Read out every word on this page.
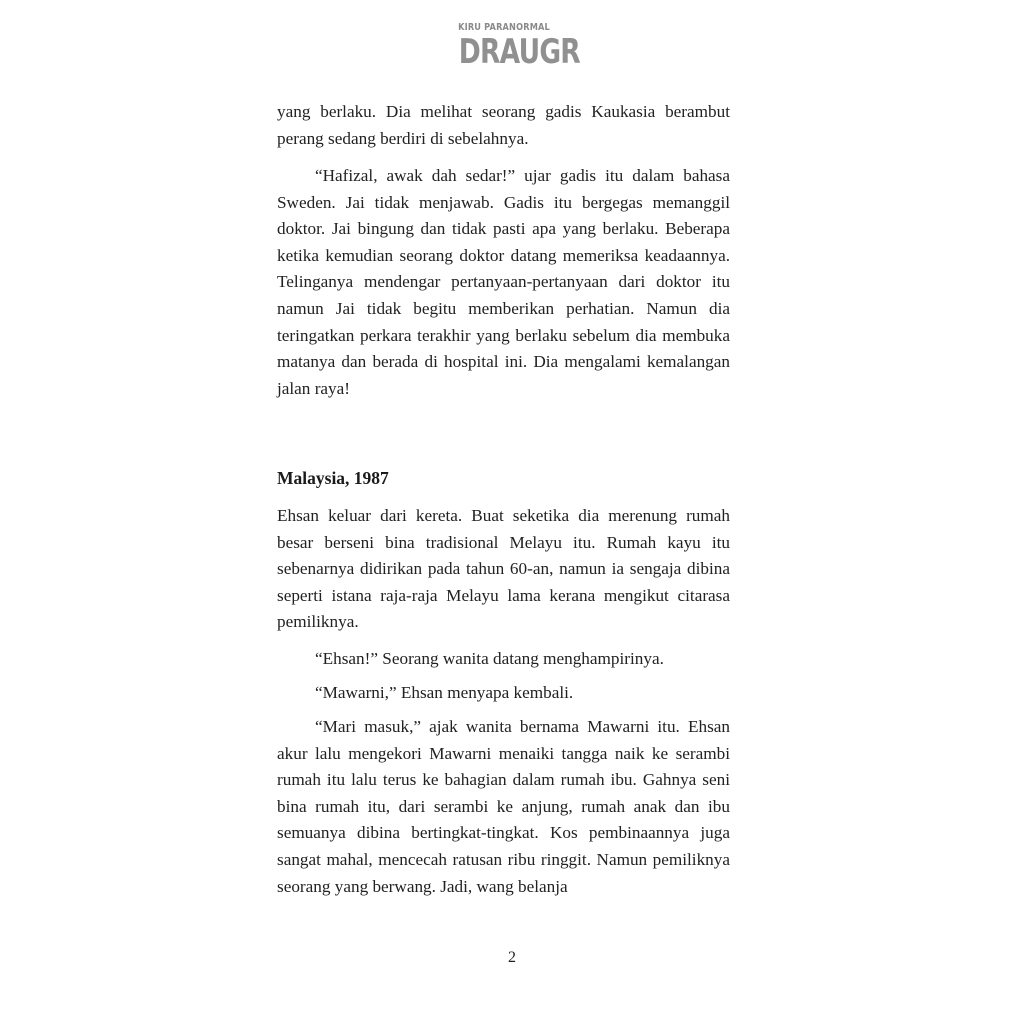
KIRU PARANORMAL
DRAUGR

yang berlaku. Dia melihat seorang gadis Kaukasia berambut perang sedang berdiri di sebelahnya.

“Hafizal, awak dah sedar!” ujar gadis itu dalam bahasa Sweden. Jai tidak menjawab. Gadis itu bergegas memanggil doktor. Jai bingung dan tidak pasti apa yang berlaku. Beberapa ketika kemudian seorang doktor datang memeriksa keadaannya. Telinganya mendengar pertanyaan-pertanyaan dari doktor itu namun Jai tidak begitu memberikan perhatian. Namun dia teringatkan perkara terakhir yang berlaku sebelum dia membuka matanya dan berada di hospital ini. Dia mengalami kemalangan jalan raya!

Malaysia, 1987

Ehsan keluar dari kereta. Buat seketika dia merenung rumah besar berseni bina tradisional Melayu itu. Rumah kayu itu sebenarnya didirikan pada tahun 60-an, namun ia sengaja dibina seperti istana raja-raja Melayu lama kerana mengikut citarasa pemiliknya.

“Ehsan!” Seorang wanita datang menghampirinya.

“Mawarni,” Ehsan menyapa kembali.

“Mari masuk,” ajak wanita bernama Mawarni itu. Ehsan akur lalu mengekori Mawarni menaiki tangga naik ke serambi rumah itu lalu terus ke bahagian dalam rumah ibu. Gahnya seni bina rumah itu, dari serambi ke anjung, rumah anak dan ibu semuanya dibina bertingkat-tingkat. Kos pembinaannya juga sangat mahal, mencecah ratusan ribu ringgit. Namun pemiliknya seorang yang berwang. Jadi, wang belanja

2
